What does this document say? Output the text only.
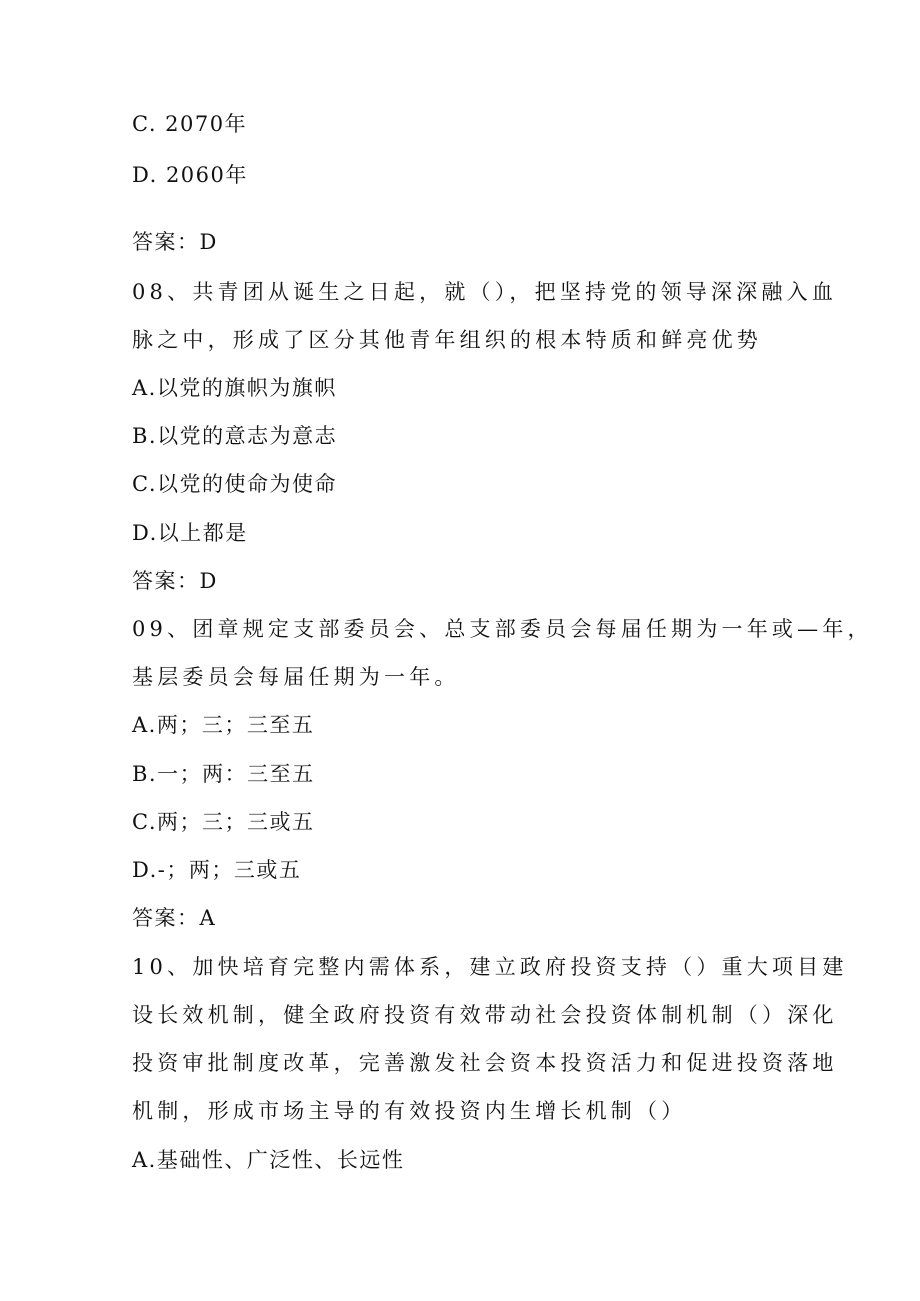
C. 2070年
D. 2060年
答案：D
08、共青团从诞生之日起，就（），把坚持党的领导深深融入血
脉之中，形成了区分其他青年组织的根本特质和鲜亮优势
A.以党的旗帜为旗帜
B.以党的意志为意志
C.以党的使命为使命
D.以上都是
答案：D
09、团章规定支部委员会、总支部委员会每届任期为一年或—年，
基层委员会每届任期为一年。
A.两；三；三至五
B.一；两：三至五
C.两；三；三或五
D.-；两；三或五
答案：A
10、加快培育完整内需体系，建立政府投资支持（）重大项目建
设长效机制，健全政府投资有效带动社会投资体制机制（）深化
投资审批制度改革，完善激发社会资本投资活力和促进投资落地
机制，形成市场主导的有效投资内生增长机制（）
A.基础性、广泛性、长远性
